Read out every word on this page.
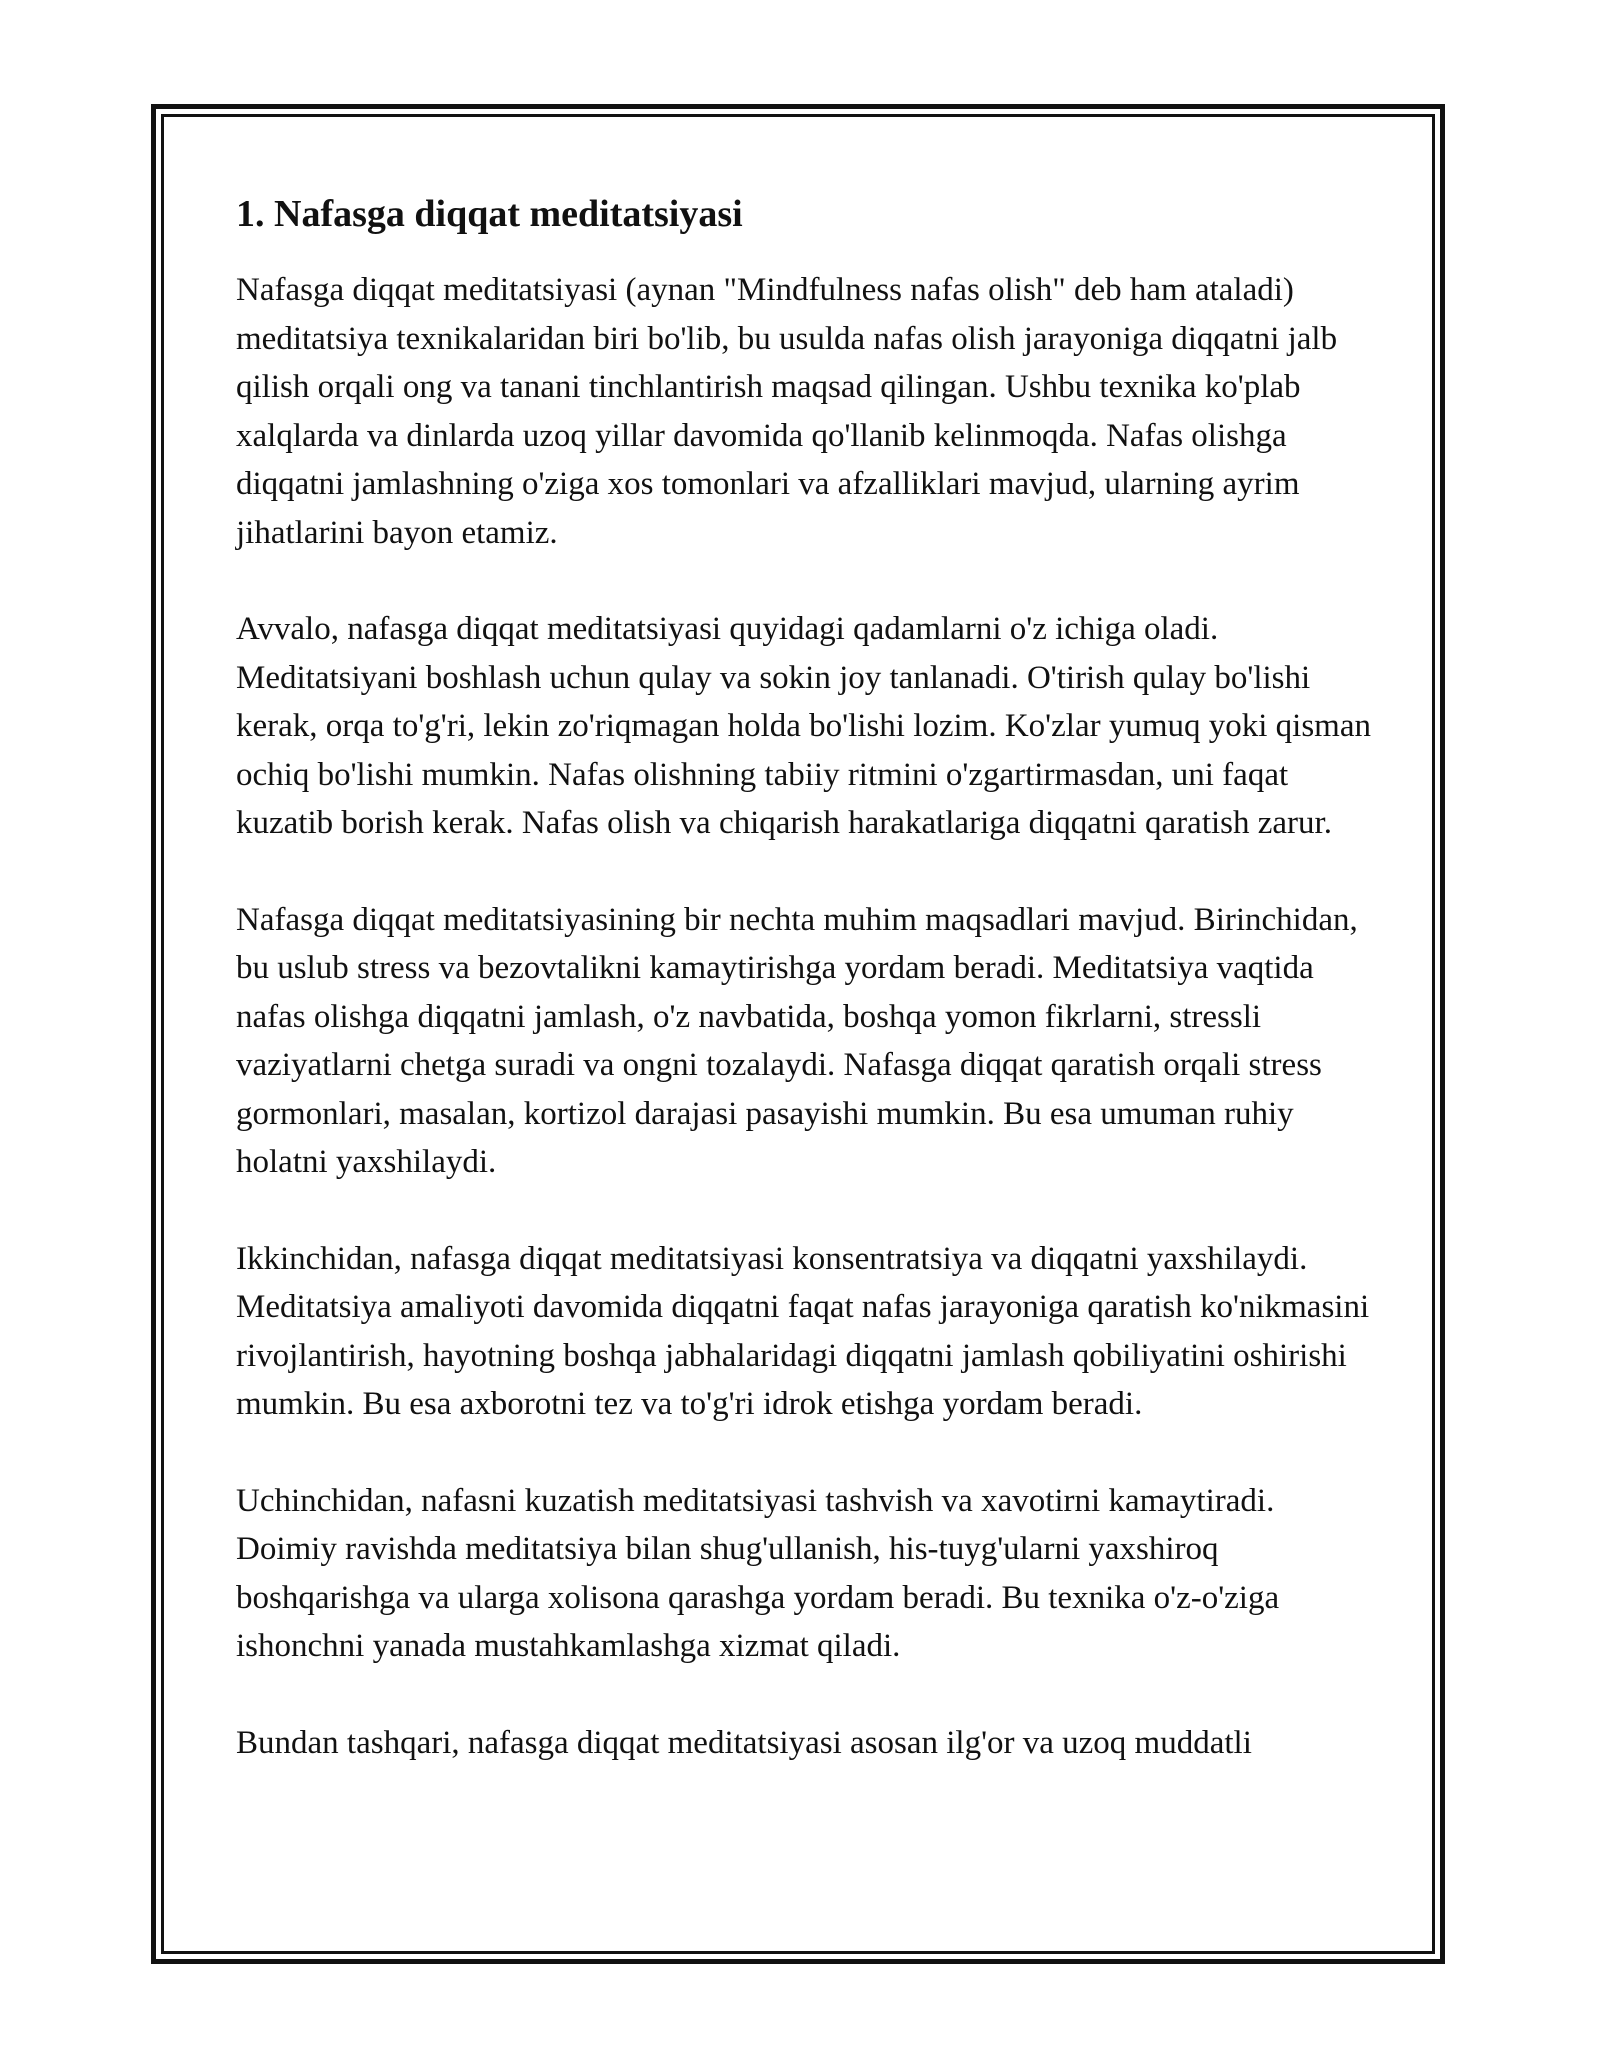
1. Nafasga diqqat meditatsiyasi

Nafasga diqqat meditatsiyasi (aynan "Mindfulness nafas olish" deb ham ataladi) meditatsiya texnikalaridan biri bo'lib, bu usulda nafas olish jarayoniga diqqatni jalb qilish orqali ong va tanani tinchlantirish maqsad qilingan. Ushbu texnika ko'plab xalqlarda va dinlarda uzoq yillar davomida qo'llanib kelinmoqda. Nafas olishga diqqatni jamlashning o'ziga xos tomonlari va afzalliklari mavjud, ularning ayrim jihatlarini bayon etamiz.

Avvalo, nafasga diqqat meditatsiyasi quyidagi qadamlarni o'z ichiga oladi. Meditatsiyani boshlash uchun qulay va sokin joy tanlanadi. O'tirish qulay bo'lishi kerak, orqa to'g'ri, lekin zo'riqmagan holda bo'lishi lozim. Ko'zlar yumuq yoki qisman ochiq bo'lishi mumkin. Nafas olishning tabiiy ritmini o'zgartirmasdan, uni faqat kuzatib borish kerak. Nafas olish va chiqarish harakatlariga diqqatni qaratish zarur.

Nafasga diqqat meditatsiyasining bir nechta muhim maqsadlari mavjud. Birinchidan, bu uslub stress va bezovtalikni kamaytirishga yordam beradi. Meditatsiya vaqtida nafas olishga diqqatni jamlash, o'z navbatida, boshqa yomon fikrlarni, stressli vaziyatlarni chetga suradi va ongni tozalaydi. Nafasga diqqat qaratish orqali stress gormonlari, masalan, kortizol darajasi pasayishi mumkin. Bu esa umuman ruhiy holatni yaxshilaydi.

Ikkinchidan, nafasga diqqat meditatsiyasi konsentratsiya va diqqatni yaxshilaydi. Meditatsiya amaliyoti davomida diqqatni faqat nafas jarayoniga qaratish ko'nikmasini rivojlantirish, hayotning boshqa jabhalaridagi diqqatni jamlash qobiliyatini oshirishi mumkin. Bu esa axborotni tez va to'g'ri idrok etishga yordam beradi.

Uchinchidan, nafasni kuzatish meditatsiyasi tashvish va xavotirni kamaytiradi. Doimiy ravishda meditatsiya bilan shug'ullanish, his-tuyg'ularni yaxshiroq boshqarishga va ularga xolisona qarashga yordam beradi. Bu texnika o'z-o'ziga ishonchni yanada mustahkamlashga xizmat qiladi.

Bundan tashqari, nafasga diqqat meditatsiyasi asosan ilg'or va uzoq muddatli
